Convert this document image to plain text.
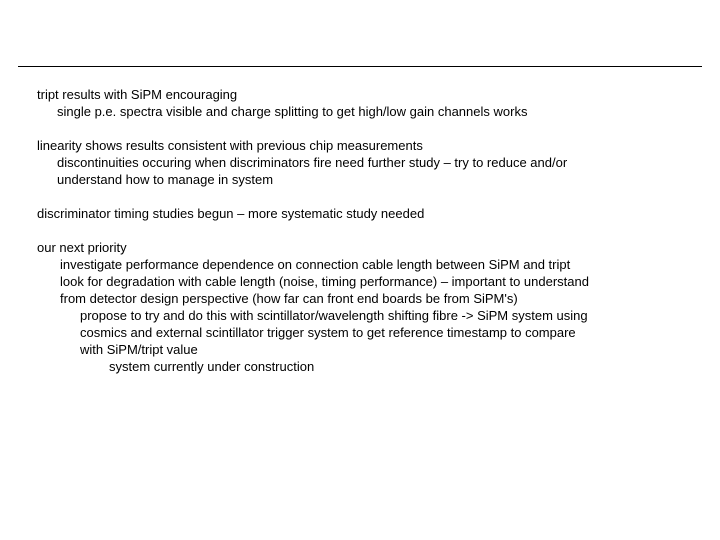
tript results with SiPM encouraging
single p.e. spectra visible and charge splitting to get high/low gain channels works
linearity shows results consistent with previous chip measurements
discontinuities occuring when discriminators fire need further study – try to reduce and/or
understand how to manage in system
discriminator timing studies begun – more systematic study needed
our next priority
investigate performance dependence on connection cable length between SiPM and tript
look for degradation with cable length (noise, timing performance) – important to understand
from detector design perspective (how far can front end boards be from SiPM's)
propose to try and do this with scintillator/wavelength shifting fibre -> SiPM system using
cosmics and external scintillator trigger system to get reference timestamp to compare
with SiPM/tript value
system currently under construction
